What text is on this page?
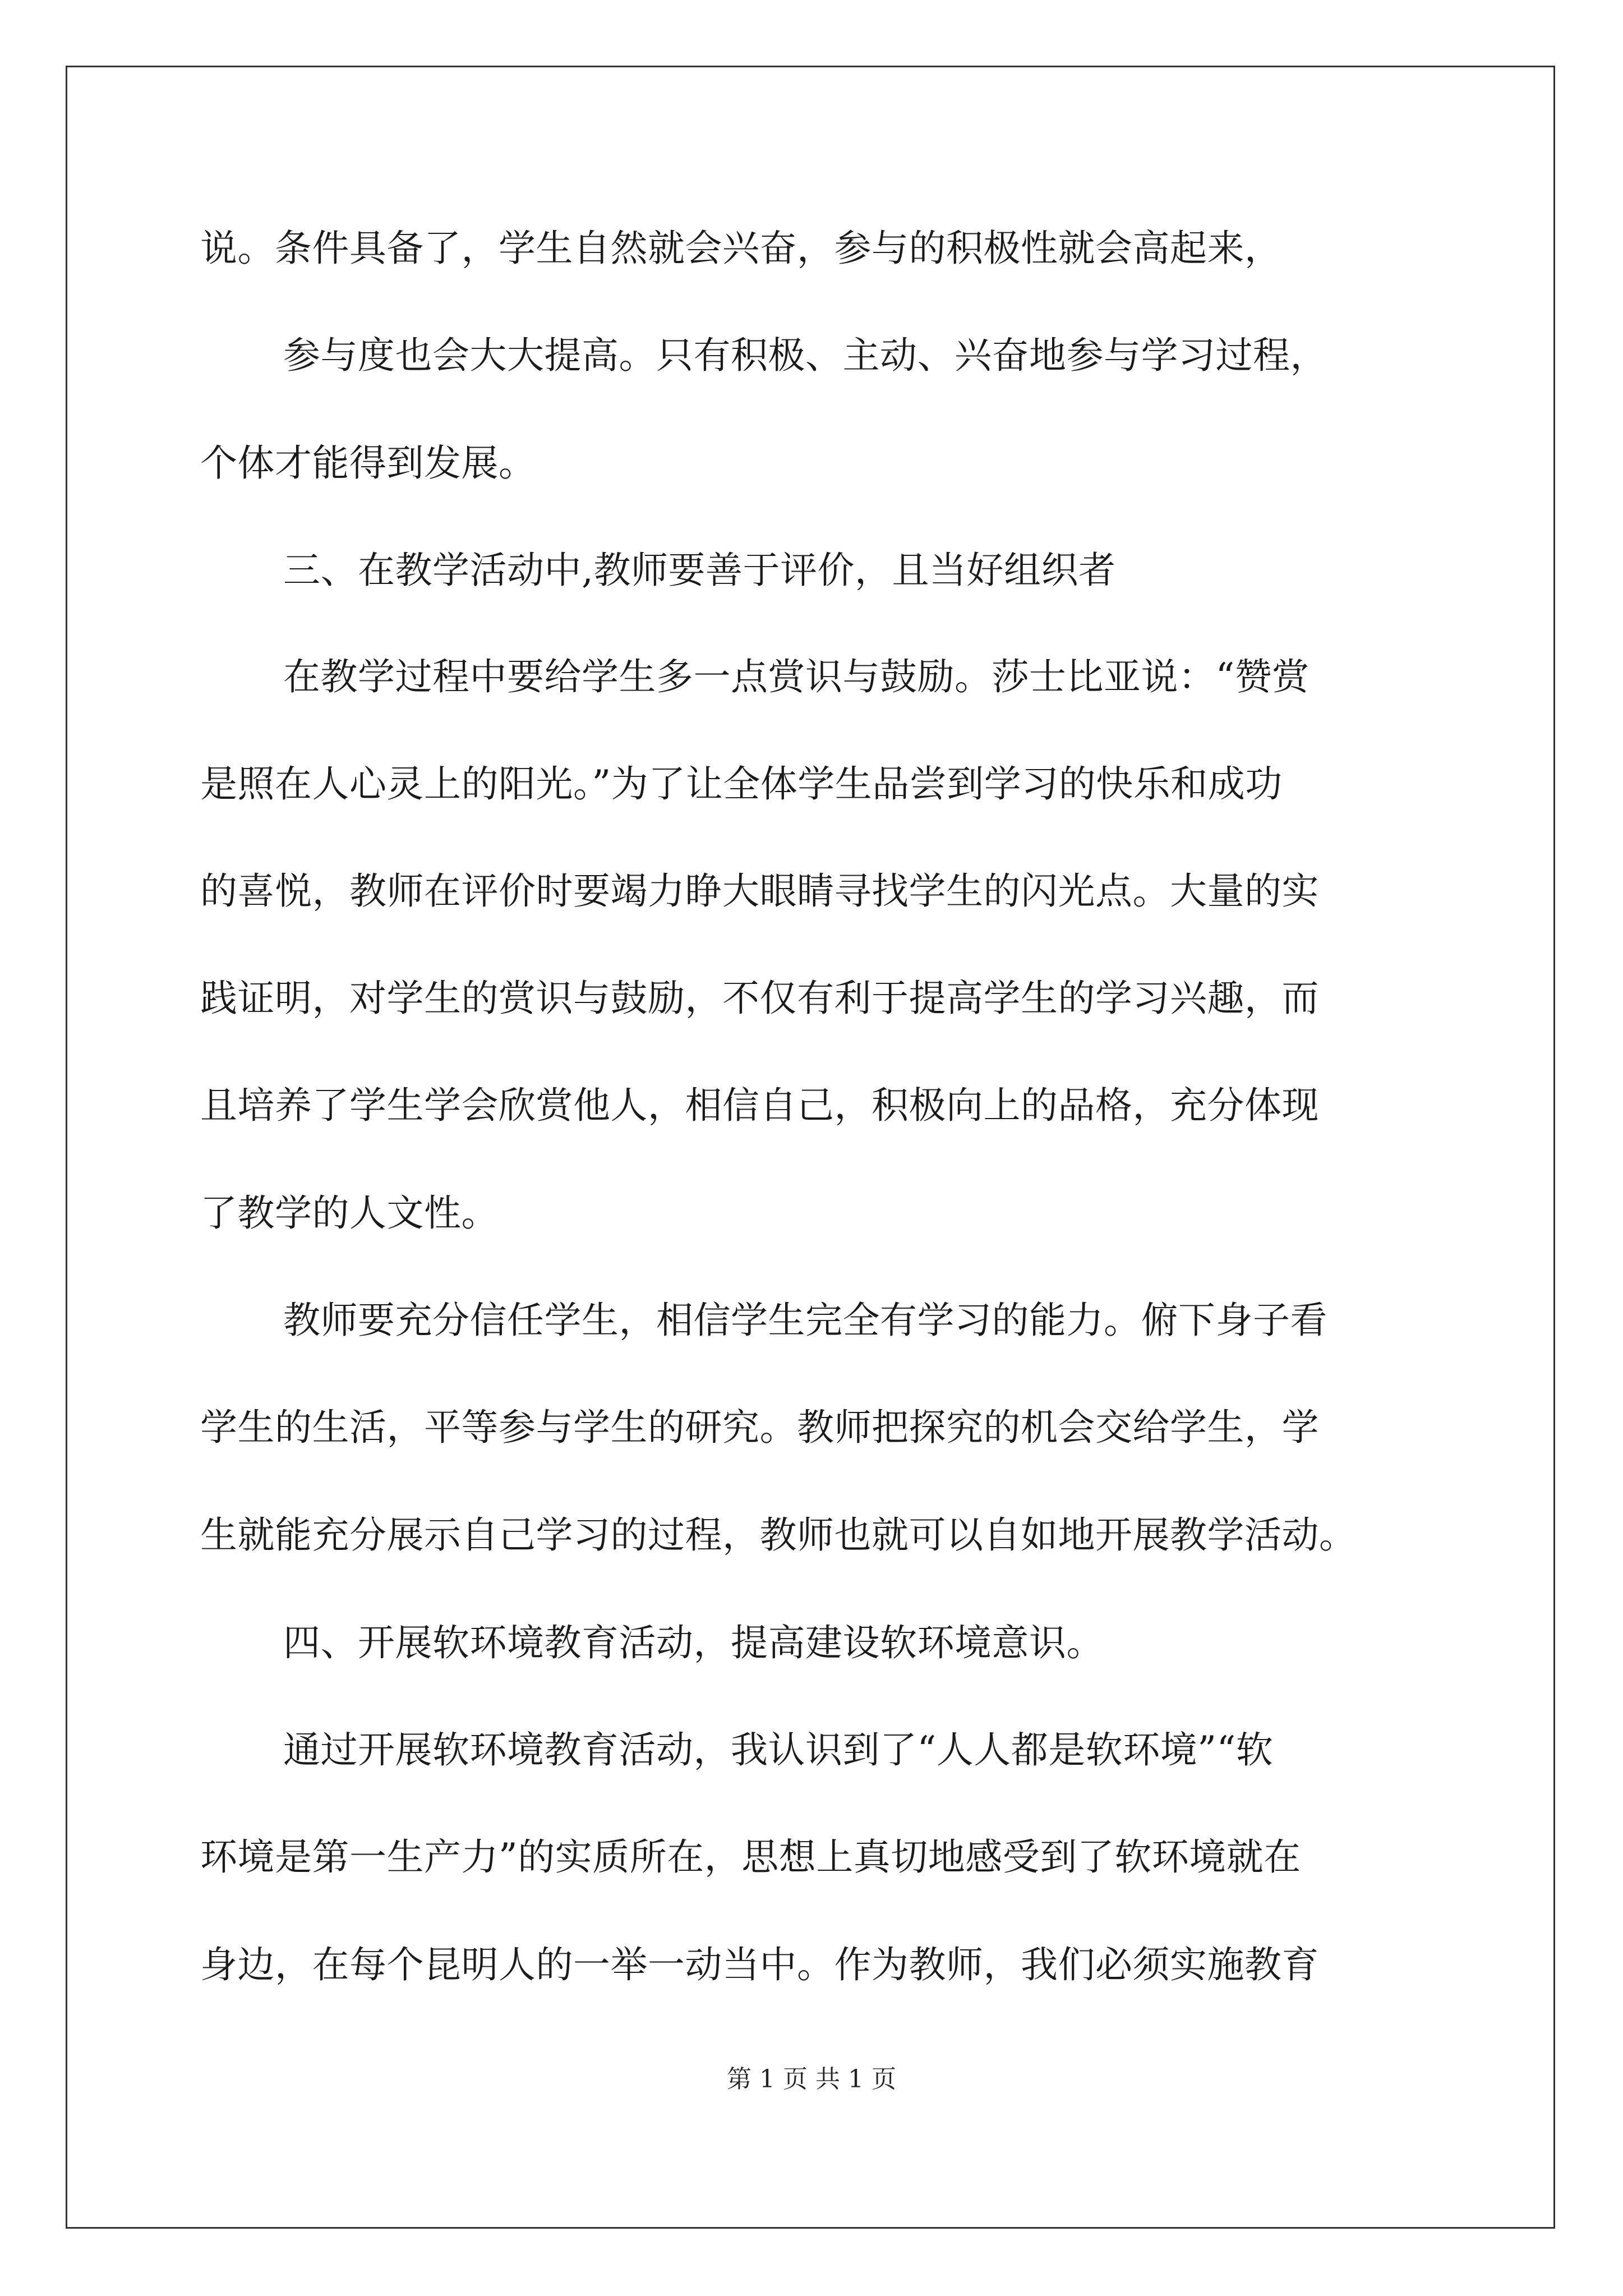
说。条件具备了，学生自然就会兴奋，参与的积极性就会高起来，
参与度也会大大提高。只有积极、主动、兴奋地参与学习过程，
个体才能得到发展。
三、在教学活动中,教师要善于评价，且当好组织者
在教学过程中要给学生多一点赏识与鼓励。莎士比亚说：“赞赏
是照在人心灵上的阳光。”为了让全体学生品尝到学习的快乐和成功
的喜悦，教师在评价时要竭力睁大眼睛寻找学生的闪光点。大量的实
践证明，对学生的赏识与鼓励，不仅有利于提高学生的学习兴趣，而
且培养了学生学会欣赏他人，相信自己，积极向上的品格，充分体现
了教学的人文性。
教师要充分信任学生，相信学生完全有学习的能力。俯下身子看
学生的生活，平等参与学生的研究。教师把探究的机会交给学生，学
生就能充分展示自己学习的过程，教师也就可以自如地开展教学活动。
四、开展软环境教育活动，提高建设软环境意识。
通过开展软环境教育活动，我认识到了“人人都是软环境”“软
环境是第一生产力”的实质所在，思想上真切地感受到了软环境就在
身边，在每个昆明人的一举一动当中。作为教师，我们必须实施教育
第 1 页 共 1 页
